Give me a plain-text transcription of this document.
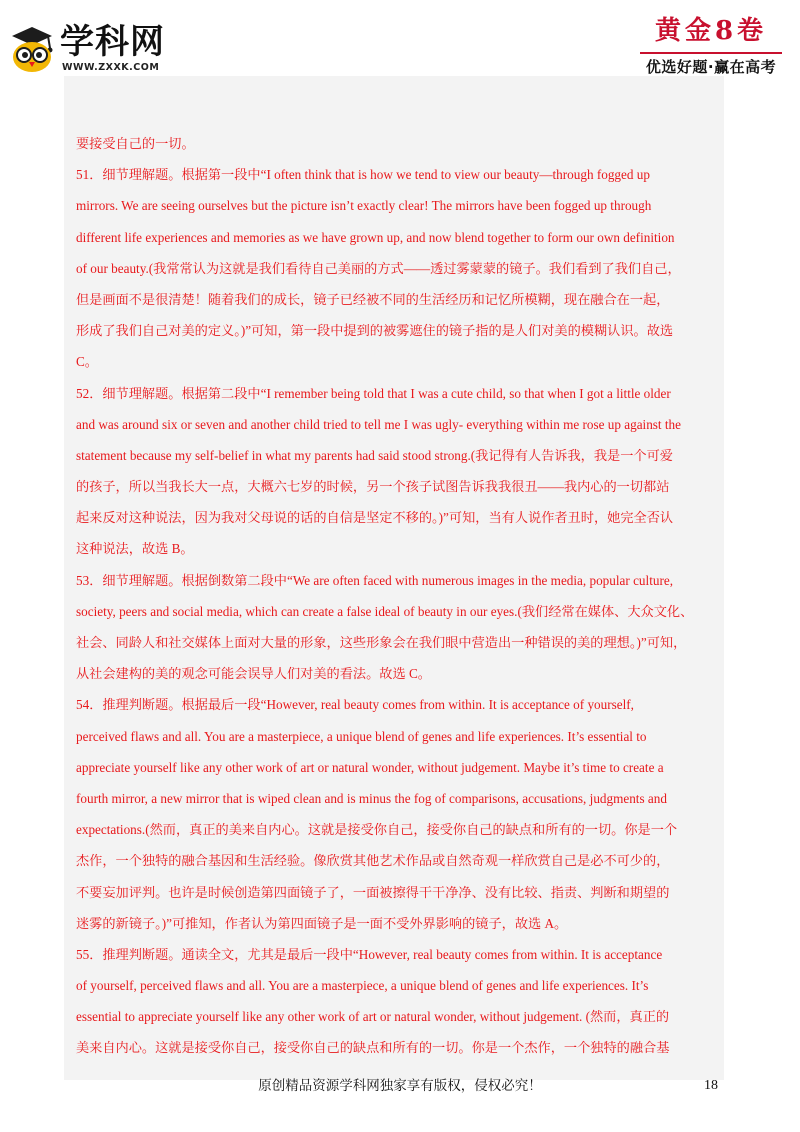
学科网
WWW.ZXXK.COM
黄金8卷
优选好题·赢在高考
要接受自己的一切。
51．细节理解题。根据第一段中“I often think that is how we tend to view our beauty—through fogged up
mirrors. We are seeing ourselves but the picture isn’t exactly clear! The mirrors have been fogged up through
different life experiences and memories as we have grown up, and now blend together to form our own definition
of our beauty.(我常常认为这就是我们看待自己美丽的方式——透过雾蒙蒙的镜子。我们看到了我们自己，
但是画面不是很清楚！随着我们的成长，镜子已经被不同的生活经历和记忆所模糊，现在融合在一起，
形成了我们自己对美的定义。)”可知，第一段中提到的被雾遮住的镜子指的是人们对美的模糊认识。故选
C。
52．细节理解题。根据第二段中“I remember being told that I was a cute child, so that when I got a little older
and was around six or seven and another child tried to tell me I was ugly- everything within me rose up against the
statement because my self-belief in what my parents had said stood strong.(我记得有人告诉我，我是一个可爱
的孩子，所以当我长大一点，大概六七岁的时候，另一个孩子试图告诉我我很丑——我内心的一切都站
起来反对这种说法，因为我对父母说的话的自信是坚定不移的。)”可知，当有人说作者丑时，她完全否认
这种说法，故选 B。
53．细节理解题。根据倒数第二段中“We are often faced with numerous images in the media, popular culture,
society, peers and social media, which can create a false ideal of beauty in our eyes.(我们经常在媒体、大众文化、
社会、同龄人和社交媒体上面对大量的形象，这些形象会在我们眼中营造出一种错误的美的理想。)”可知，
从社会建构的美的观念可能会误导人们对美的看法。故选 C。
54．推理判断题。根据最后一段“However, real beauty comes from within. It is acceptance of yourself,
perceived flaws and all. You are a masterpiece, a unique blend of genes and life experiences. It’s essential to
appreciate yourself like any other work of art or natural wonder, without judgement. Maybe it’s time to create a
fourth mirror, a new mirror that is wiped clean and is minus the fog of comparisons, accusations, judgments and
expectations.(然而，真正的美来自内心。这就是接受你自己，接受你自己的缺点和所有的一切。你是一个
杰作，一个独特的融合基因和生活经验。像欣赏其他艺术作品或自然奇观一样欣赏自己是必不可少的，
不要妄加评判。也许是时候创造第四面镜子了，一面被擦得干干净净、没有比较、指责、判断和期望的
迷雾的新镜子。)”可推知，作者认为第四面镜子是一面不受外界影响的镜子，故选 A。
55．推理判断题。通读全文，尤其是最后一段中“However, real beauty comes from within. It is acceptance
of yourself, perceived flaws and all. You are a masterpiece, a unique blend of genes and life experiences. It’s
essential to appreciate yourself like any other work of art or natural wonder, without judgement. (然而，真正的
美来自内心。这就是接受你自己，接受你自己的缺点和所有的一切。你是一个杰作，一个独特的融合基
原创精品资源学科网独家享有版权，侵权必究！	18
